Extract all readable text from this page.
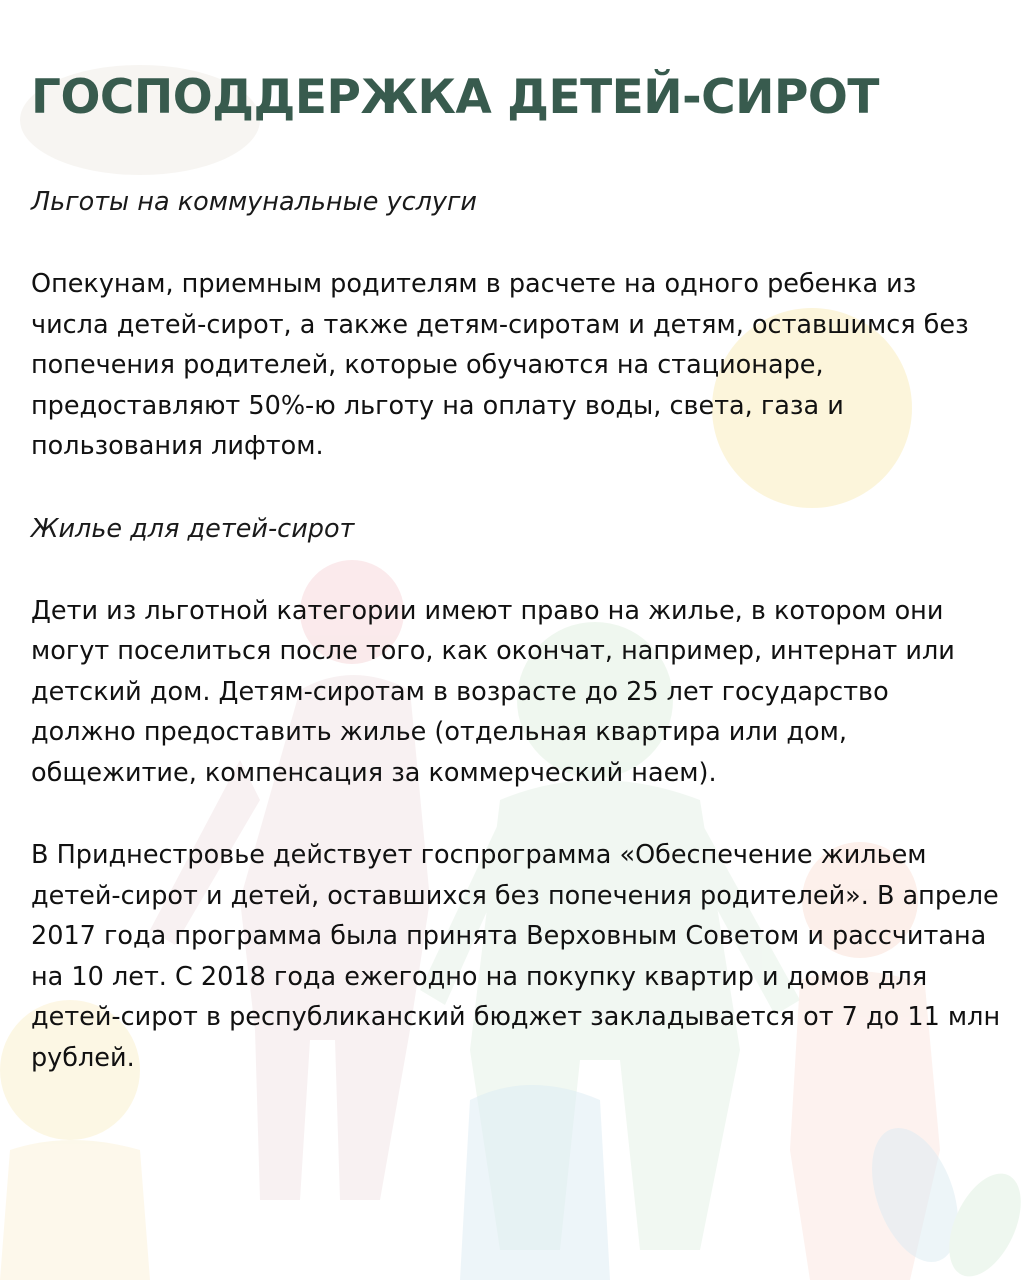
ГОСПОДДЕРЖКА ДЕТЕЙ-СИРОТ

Льготы на коммунальные услуги

Опекунам, приемным родителям в расчете на одного ребенка из числа детей-сирот, а также детям-сиротам и детям, оставшимся без попечения родителей, которые обучаются на стационаре, предоставляют 50%-ю льготу на оплату воды, света, газа и пользования лифтом.

Жилье для детей-сирот

Дети из льготной категории имеют право на жилье, в котором они могут поселиться после того, как окончат, например, интернат или детский дом. Детям-сиротам в возрасте до 25 лет государство должно предоставить жилье (отдельная квартира или дом, общежитие, компенсация за коммерческий наем).

В Приднестровье действует госпрограмма «Обеспечение жильем детей-сирот и детей, оставшихся без попечения родителей». В апреле 2017 года программа была принята Верховным Советом и рассчитана на 10 лет. С 2018 года ежегодно на покупку квартир и домов для детей-сирот в республиканский бюджет закладывается от 7 до 11 млн рублей.
